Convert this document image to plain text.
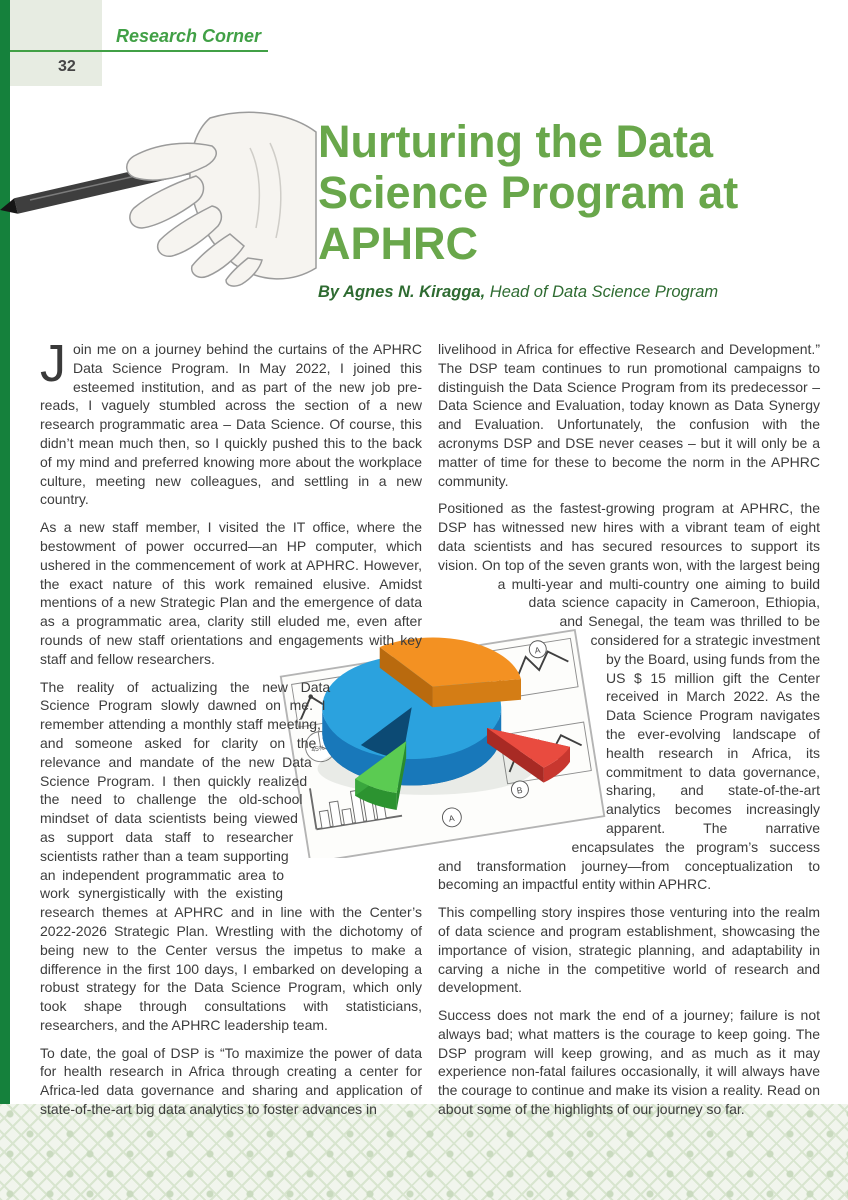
Research Corner
32
Nurturing the Data
Science Program at
APHRC
By Agnes N. Kiragga, Head of Data Science Program

Join me on a journey behind the curtains of the APHRC Data Science Program. In May 2022, I joined this esteemed institution, and as part of the new job pre-reads, I vaguely stumbled across the section of a new research programmatic area – Data Science. Of course, this didn’t mean much then, so I quickly pushed this to the back of my mind and preferred knowing more about the workplace culture, meeting new colleagues, and settling in a new country.

As a new staff member, I visited the IT office, where the bestowment of power occurred—an HP computer, which ushered in the commencement of work at APHRC. However, the exact nature of this work remained elusive. Amidst mentions of a new Strategic Plan and the emergence of data as a programmatic area, clarity still eluded me, even after rounds of new staff orientations and engagements with key staff and fellow researchers.

The reality of actualizing the new Data Science Program slowly dawned on me. I remember attending a monthly staff meeting, and someone asked for clarity on the relevance and mandate of the new Data Science Program. I then quickly realized the need to challenge the old-school mindset of data scientists being viewed as support data staff to researcher scientists rather than a team supporting an independent programmatic area to work synergistically with the existing research themes at APHRC and in line with the Center’s 2022-2026 Strategic Plan. Wrestling with the dichotomy of being new to the Center versus the impetus to make a difference in the first 100 days, I embarked on developing a robust strategy for the Data Science Program, which only took shape through consultations with statisticians, researchers, and the APHRC leadership team.

To date, the goal of DSP is “To maximize the power of data for health research in Africa through creating a center for Africa-led data governance and sharing and application of state-of-the-art big data analytics to foster advances in

livelihood in Africa for effective Research and Development.” The DSP team continues to run promotional campaigns to distinguish the Data Science Program from its predecessor – Data Science and Evaluation, today known as Data Synergy and Evaluation. Unfortunately, the confusion with the acronyms DSP and DSE never ceases – but it will only be a matter of time for these to become the norm in the APHRC community.

Positioned as the fastest-growing program at APHRC, the DSP has witnessed new hires with a vibrant team of eight data scientists and has secured resources to support its vision. On top of the seven grants won, with the largest being a multi-year and multi-country one aiming to build data science capacity in Cameroon, Ethiopia, and Senegal, the team was thrilled to be considered for a strategic investment by the Board, using funds from the US $ 15 million gift the Center received in March 2022. As the Data Science Program navigates the ever-evolving landscape of health research in Africa, its commitment to data governance, sharing, and state-of-the-art analytics becomes increasingly apparent. The narrative encapsulates the program’s success and transformation journey—from conceptualization to becoming an impactful entity within APHRC.

This compelling story inspires those venturing into the realm of data science and program establishment, showcasing the importance of vision, strategic planning, and adaptability in carving a niche in the competitive world of research and development.

Success does not mark the end of a journey; failure is not always bad; what matters is the courage to keep going. The DSP program will keep growing, and as much as it may experience non-fatal failures occasionally, it will always have the courage to continue and make its vision a reality. Read on about some of the highlights of our journey so far.

45%
A
B
A
